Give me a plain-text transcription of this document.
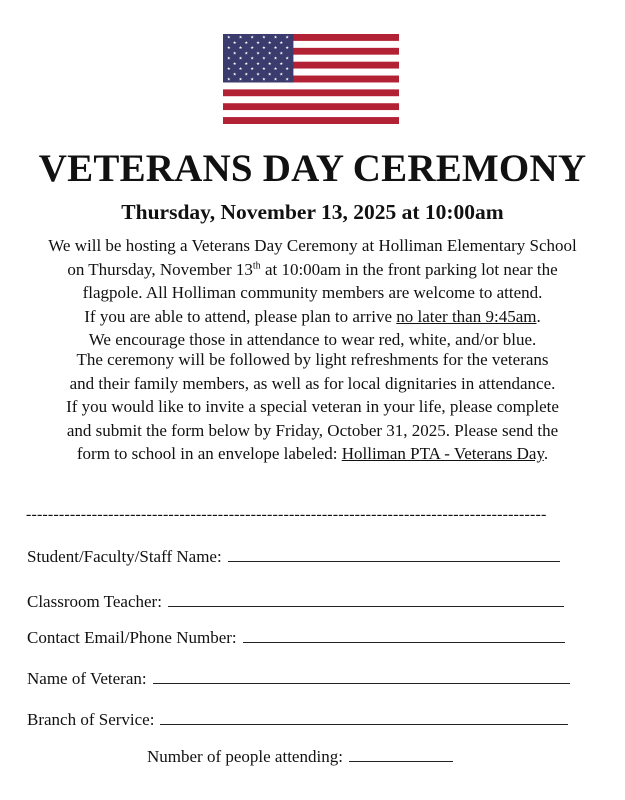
★ ★ ★ ★ ★ ★
★ ★ ★ ★ ★
★ ★ ★ ★ ★ ★
★ ★ ★ ★ ★
★ ★ ★ ★ ★ ★
★ ★ ★ ★ ★
★ ★ ★ ★ ★ ★
★ ★ ★ ★ ★
★ ★ ★ ★ ★ ★
VETERANS DAY CEREMONY
Thursday, November 13, 2025 at 10:00am
We will be hosting a Veterans Day Ceremony at Holliman Elementary School
on Thursday, November 13th at 10:00am in the front parking lot near the
flagpole. All Holliman community members are welcome to attend.
If you are able to attend, please plan to arrive no later than 9:45am.
We encourage those in attendance to wear red, white, and/or blue.
The ceremony will be followed by light refreshments for the veterans
and their family members, as well as for local dignitaries in attendance.
If you would like to invite a special veteran in your life, please complete
and submit the form below by Friday, October 31, 2025. Please send the
form to school in an envelope labeled: Holliman PTA - Veterans Day.
-----------------------------------------------------------------------------------------------
Student/Faculty/Staff Name:
Classroom Teacher:
Contact Email/Phone Number:
Name of Veteran:
Branch of Service:
Number of people attending:
